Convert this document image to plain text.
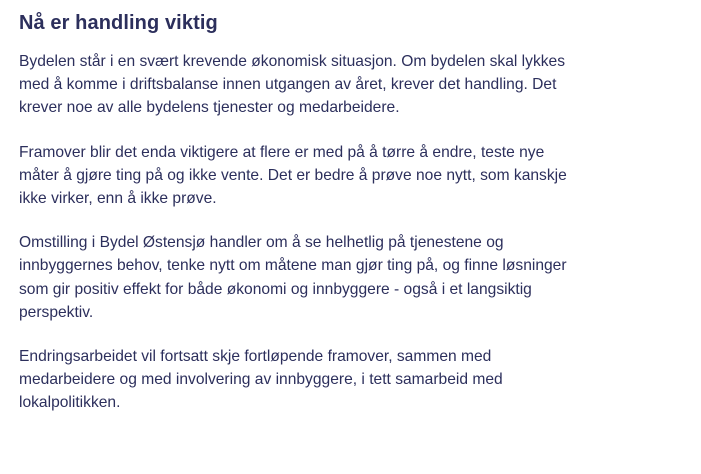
Nå er handling viktig

Bydelen står i en svært krevende økonomisk situasjon. Om bydelen skal lykkes med å komme i driftsbalanse innen utgangen av året, krever det handling. Det krever noe av alle bydelens tjenester og medarbeidere.

Framover blir det enda viktigere at flere er med på å tørre å endre, teste nye måter å gjøre ting på og ikke vente. Det er bedre å prøve noe nytt, som kanskje ikke virker, enn å ikke prøve.

Omstilling i Bydel Østensjø handler om å se helhetlig på tjenestene og innbyggernes behov, tenke nytt om måtene man gjør ting på, og finne løsninger som gir positiv effekt for både økonomi og innbyggere - også i et langsiktig perspektiv.

Endringsarbeidet vil fortsatt skje fortløpende framover, sammen med medarbeidere og med involvering av innbyggere, i tett samarbeid med lokalpolitikken.
